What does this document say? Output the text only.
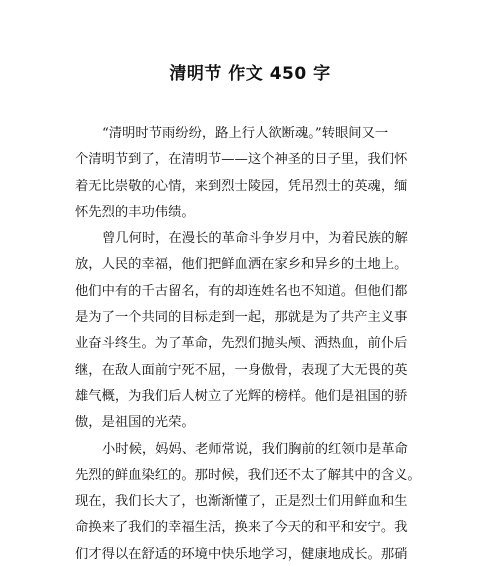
清明节 作文 450 字
“清明时节雨纷纷，路上行人欲断魂。”转眼间又一
个清明节到了，在清明节——这个神圣的日子里，我们怀
着无比崇敬的心情，来到烈士陵园，凭吊烈士的英魂，缅
怀先烈的丰功伟绩。
曾几何时，在漫长的革命斗争岁月中，为着民族的解
放，人民的幸福，他们把鲜血洒在家乡和异乡的土地上。
他们中有的千古留名，有的却连姓名也不知道。但他们都
是为了一个共同的目标走到一起，那就是为了共产主义事
业奋斗终生。为了革命，先烈们抛头颅、洒热血，前仆后
继，在敌人面前宁死不屈，一身傲骨，表现了大无畏的英
雄气概，为我们后人树立了光辉的榜样。他们是祖国的骄
傲，是祖国的光荣。
小时候，妈妈、老师常说，我们胸前的红领巾是革命
先烈的鲜血染红的。那时候，我们还不太了解其中的含义。
现在，我们长大了，也渐渐懂了，正是烈士们用鲜血和生
命换来了我们的幸福生活，换来了今天的和平和安宁。我
们才得以在舒适的环境中快乐地学习，健康地成长。那硝
